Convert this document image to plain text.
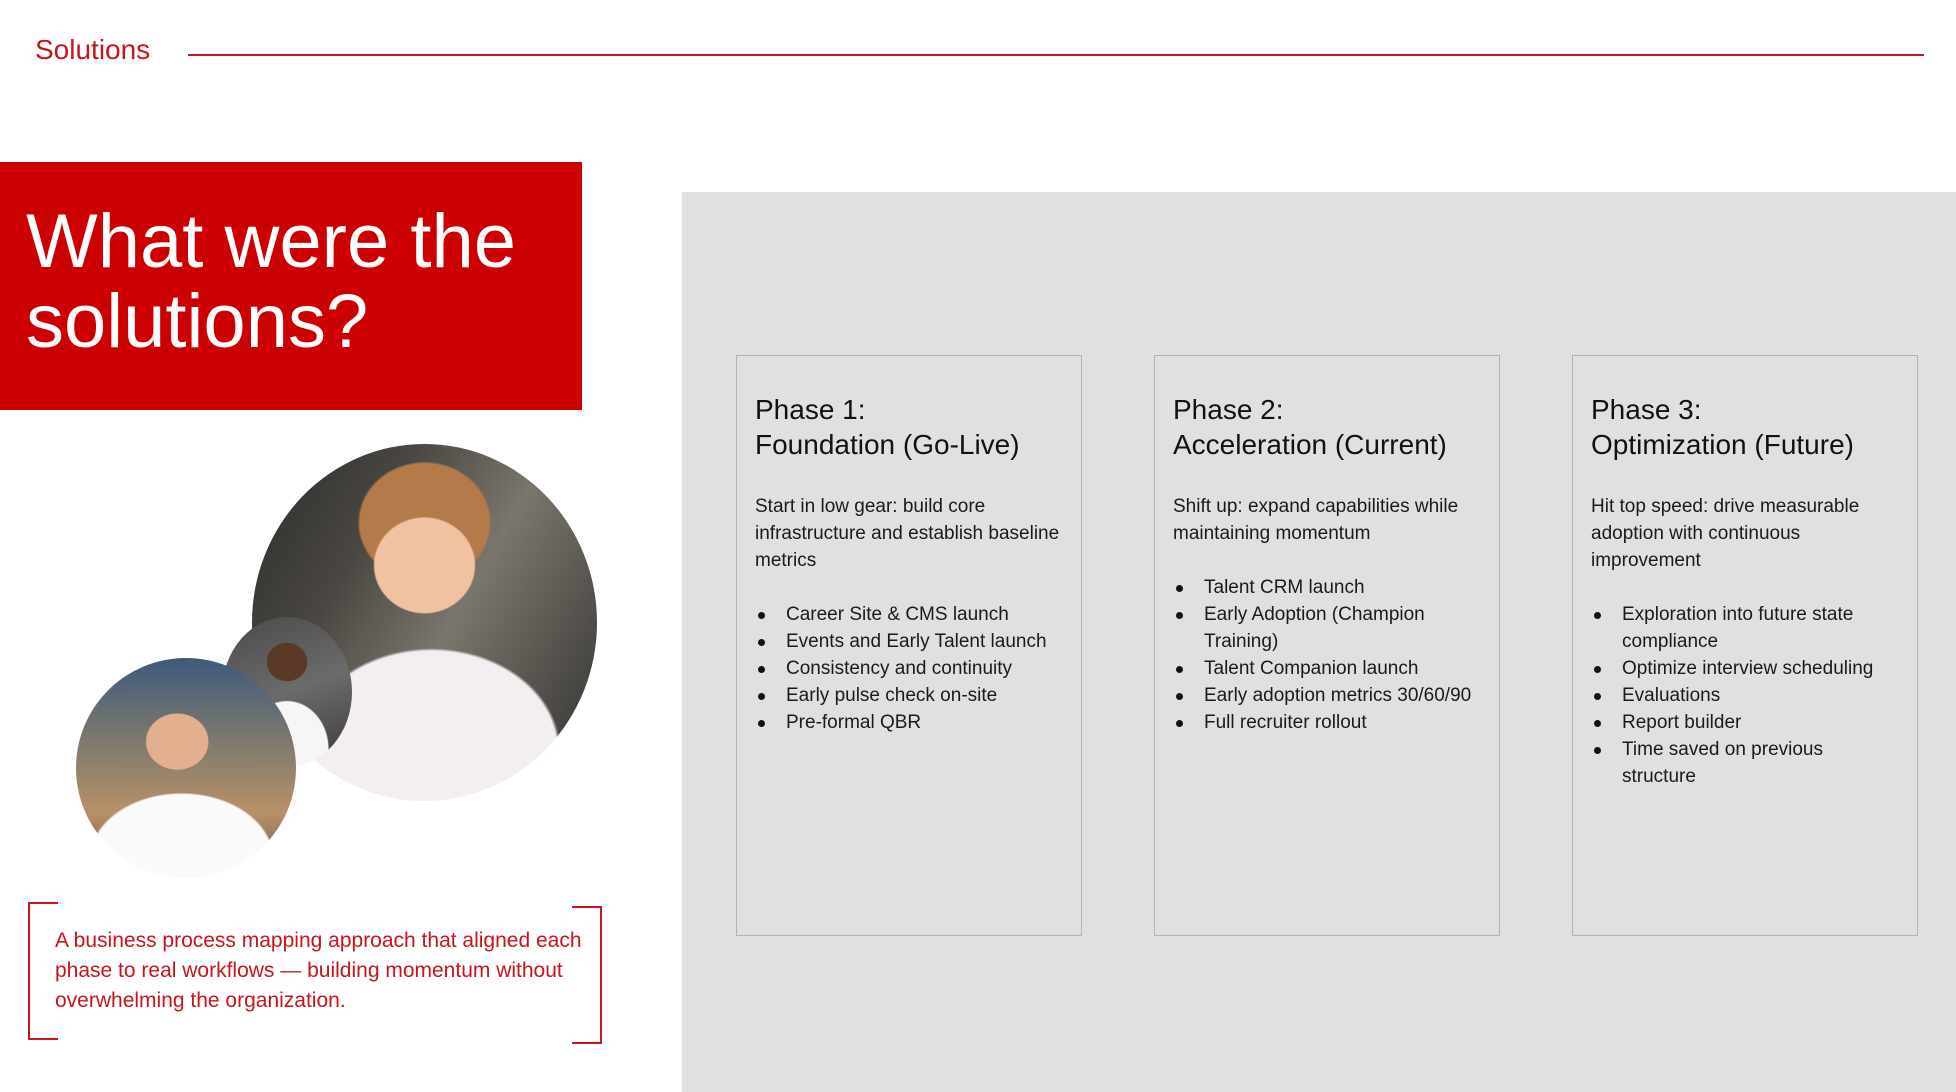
Solutions
What were the solutions?

A business process mapping approach that aligned each phase to real workflows — building momentum without overwhelming the organization.

Phase 1:
Foundation (Go-Live)

Start in low gear: build core infrastructure and establish baseline metrics

Career Site & CMS launch
Events and Early Talent launch
Consistency and continuity
Early pulse check on-site
Pre-formal QBR
Phase 2:
Acceleration (Current)

Shift up: expand capabilities while maintaining momentum

Talent CRM launch
Early Adoption (Champion Training)
Talent Companion launch
Early adoption metrics 30/60/90
Full recruiter rollout
Phase 3:
Optimization (Future)

Hit top speed: drive measurable adoption with continuous improvement

Exploration into future state compliance
Optimize interview scheduling
Evaluations
Report builder
Time saved on previous structure
